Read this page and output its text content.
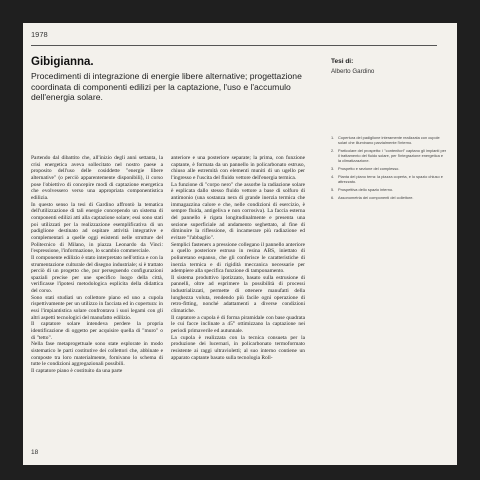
1978
Gibigianna.

Procedimenti di integrazione di energie libere alternative; progettazione coordinata di componenti edilizi per la captazione, l'uso e l'accumulo dell'energia solare.

Tesi di:
Alberto Gardino

Partendo dal dibattito che, all'inizio degli anni settanta, la crisi energetica aveva sollecitato nel nostro paese a proposito dell'uso delle cosiddette "energie libere alternative" (o perciò apparentemente disponibili), il corso pose l'obiettivo di concepire modi di captazione energetica che evolvessero verso una appropriata componentistica edilizia.

In questo senso la tesi di Gardino affrontò la tematica dell'utilizzazione di tali energie concependo un sistema di componenti edilizi atti alla captazione solare; essi sono stati poi utilizzati per la realizzazione esemplificativa di un padiglione destinato ad ospitare attività integrative e complementari a quelle oggi esistenti nelle strutture del Politecnico di Milano, in piazza Leonardo da Vinci: l'espressione, l'informazione, lo scambio commerciale.

Il componente edilizio è stato interpretato nell'ottica e con la strumentazione culturale del disegno industriale; si è trattato perciò di un progetto che, pur perseguendo configurazioni spaziali precise per une specifico luogo della città, verificasse l'ipotesi metodologica esplicita della didattica del corso.

Sono stati studiati un collettore piano ed uno a cupola rispettivamente per un utilizzo in facciata ed in copertura: in essi l'impiantistica solare confrontava i suoi legami con gli altri aspetti tecnologici del manufatto edilizio.

Il captatore solare intendeva perdere la propria identificazione di oggetto per acquisire quella di "muro" o di "tetto".

Nella fase metaprogettuale sono state esplorate in modo sistematico le parti costitutive dei collettori che, abbinate e composte tra loro materialmente, fornivano lo schema di tutte le condizioni aggregazionali possibili.

Il captatore piano è costituito da una parte

anteriore e una posteriore separate; la prima, con funzione captante, è formata da un pannello in policarbonato estruso, chiuso alle estremità con elementi muniti di un ugello per l'ingresso e l'uscita del fluido vettore dell'energia termica.

La funzione di "corpo nero" che assorbe la radiazione solare è esplicata dallo stesso fluido vettore a base di solfuro di antimonio (una sostanza nera di grande inerzia termica che immagazzina calore e che, nelle condizioni di esercizio, è sempre fluida, antigelivа e non corrosiva). La faccia esterna del pannello è rigata longitudinalmente e presenta una sezione superficiale ad andamento seghettato, al fine di diminuire la riflessione, di incamerare più radiazione ed evitare "l'abbaglio".

Semplici fasteners a pressione collegano il pannello anteriore a quello posteriore estruso in resina ABS, iniettato di poliuretano espanso, che gli conferisce le caratteristiche di inerzia termica e di rigidità meccanica necessarie per adempiere alla specifica funzione di tamponamento.

Il sistema produttivo ipotizzato, basato sulla estrusione di pannelli, oltre ad esprimere la possibilità di processi industrializzati, permette di ottenere manufatti della lunghezza voluta, rendendo più facile ogni operazione di retro-fitting, nonché adattamenti a diverse condizioni climatiche.

Il captatore a cupola è di forma piramidale con base quadrata le cui facce inclinate a 45° ottimizzano la captazione nei periodi primaverile ed autunnale.

La cupola è realizzata con la tecnica consueta per la produzione dei lucernari, in policarbonato termoformato resistente ai raggi ultravioletti; al suo interno contiene un apparato captante basato sulla tecnologia Roll-

1. Copertura del padiglione interamente realizzata con cupole solari che illuminano parzialmente l'interno.
2. Particolare del prospetto: i "contenitori" captano gli impianti per il trattamento del fluido solare, per l'integrazione energetica e la climatizzazione.
3. Prospetto e sezione del complesso.
4. Pianta del piano terra: la piazza coperta, e lo spazio chiuso e attrezzato.
5. Prospettiva dello spazio interno.
6. Assonometria dei componenti del collettore.
18
